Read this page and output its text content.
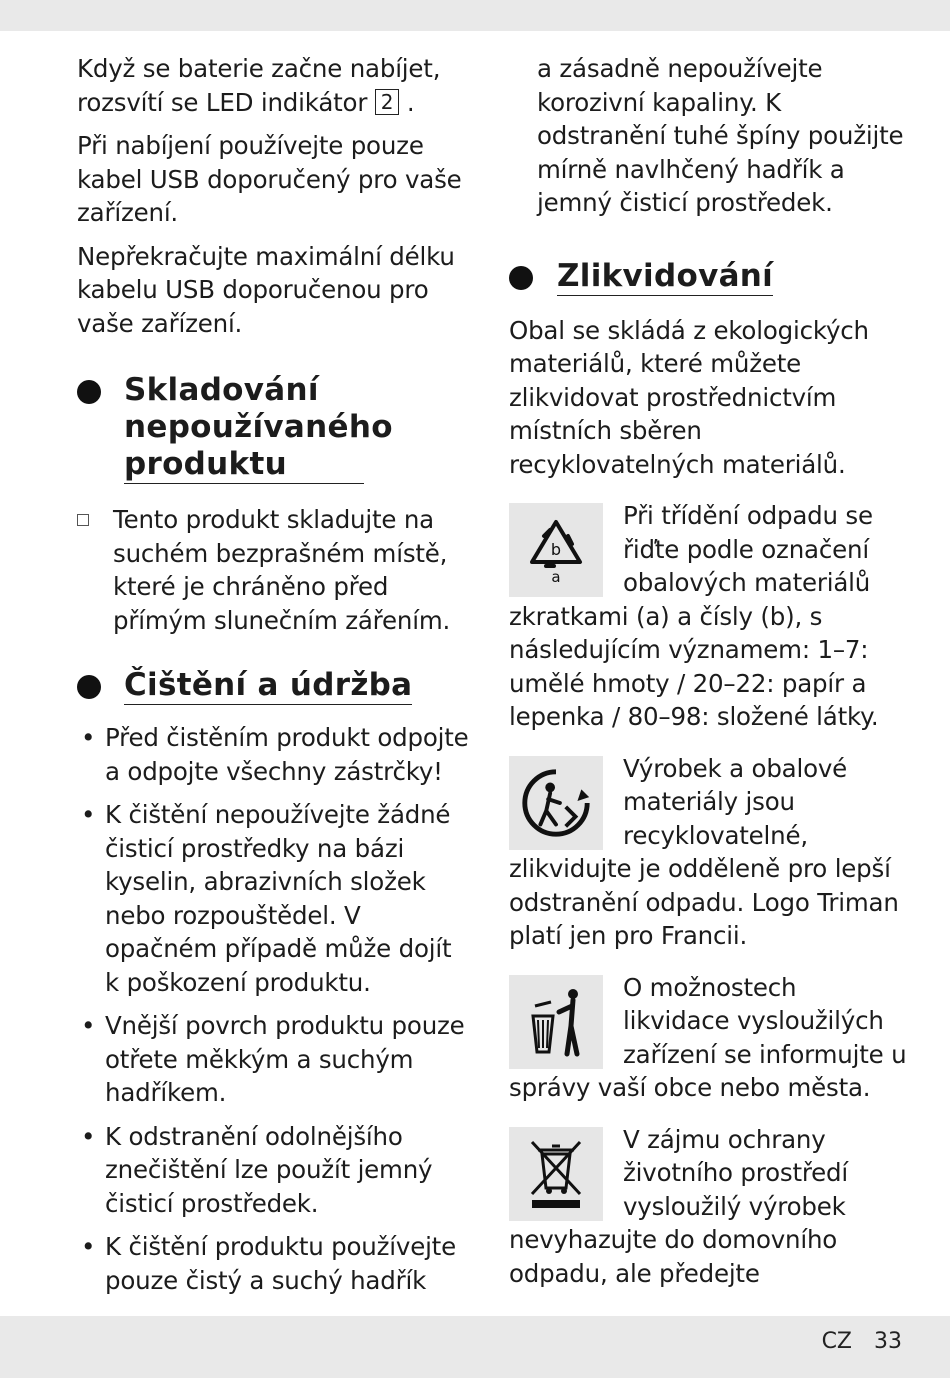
Když se baterie začne nabíjet, rozsvítí se LED indikátor 2 .

Při nabíjení používejte pouze kabel USB doporučený pro vaše zařízení.

Nepřekračujte maximální délku kabelu USB doporučenou pro vaše zařízení.

Skladování nepoužívaného produktu

Tento produkt skladujte na suchém bezprašném místě, které je chráněno před přímým slunečním zářením.

Čištění a údržba
• Před čistěním produkt odpojte a odpojte všechny zástrčky!
• K čištění nepoužívejte žádné čisticí prostředky na bázi kyselin, abrazivních složek nebo rozpouštědel. V opačném případě může dojít k poškození produktu.
• Vnější povrch produktu pouze otřete měkkým a suchým hadříkem.
• K odstranění odolnějšího znečištění lze použít jemný čisticí prostředek.
• K čištění produktu používejte pouze čistý a suchý hadřík

a zásadně nepoužívejte korozivní kapaliny. K odstranění tuhé špíny použijte mírně navlhčený hadřík a jemný čisticí prostředek.

Zlikvidování

Obal se skládá z ekologických materiálů, které můžete zlikvidovat prostřednictvím místních sběren recyklovatelných materiálů.

b
a

Při třídění odpadu se řiďte podle označení obalových materiálů zkratkami (a) a čísly (b), s následujícím významem: 1–7: umělé hmoty / 20–22: papír a lepenka / 80–98: složené látky.

Výrobek a obalové materiály jsou recyklovatelné, zlikvidujte je odděleně pro lepší odstranění odpadu. Logo Triman platí jen pro Francii.

O možnostech likvidace vysloužilých zařízení se informujte u správy vaší obce nebo města.

V zájmu ochrany životního prostředí vysloužilý výrobek nevyhazujte do domovního odpadu, ale předejte

CZ 33
